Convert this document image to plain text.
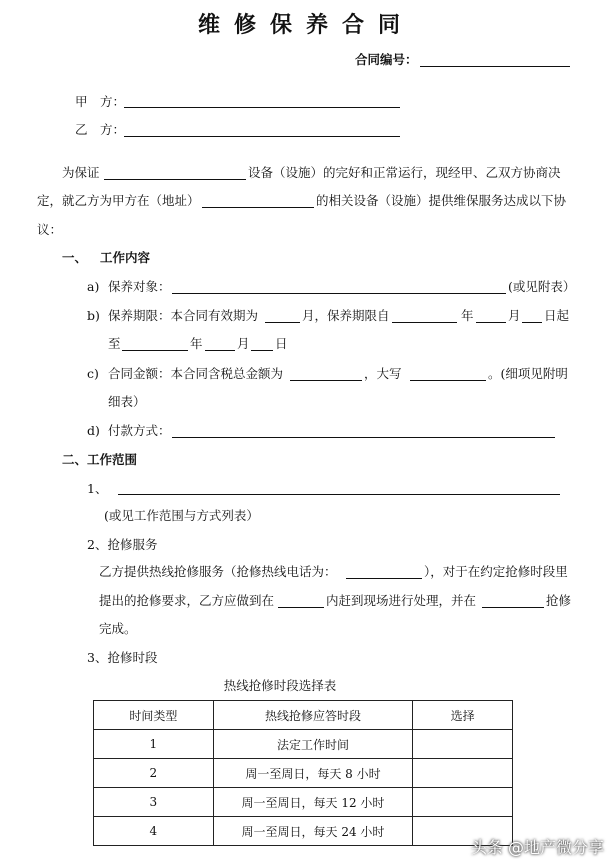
维修保养合同
合同编号：
甲　方：
乙　方：
为保证	设备（设施）的完好和正常运行，现经甲、乙双方协商决
定，就乙方为甲方在（地址）	的相关设备（设施）提供维保服务达成以下协
议：
一、 工作内容
a) 保养对象：	(或见附表）
b) 保养期限：本合同有效期为	月，保养期限自	年	月 日起
至	年	月 日
c) 合同金额：本合同含税总金额为	，大写	。(细项见附明
细表）
d) 付款方式：
二、工作范围
1、
(或见工作范围与方式列表）
2、抢修服务
乙方提供热线抢修服务（抢修热线电话为：	），对于在约定抢修时段里
提出的抢修要求，乙方应做到在	内赶到现场进行处理，并在	抢修
完成。
3、抢修时段
热线抢修时段选择表
时间类型	热线抢修应答时段	选择
1	法定工作时间	
2	周一至周日，每天 8 小时	
3	周一至周日，每天 12 小时	
4	周一至周日，每天 24 小时	
头条 @地产微分享
